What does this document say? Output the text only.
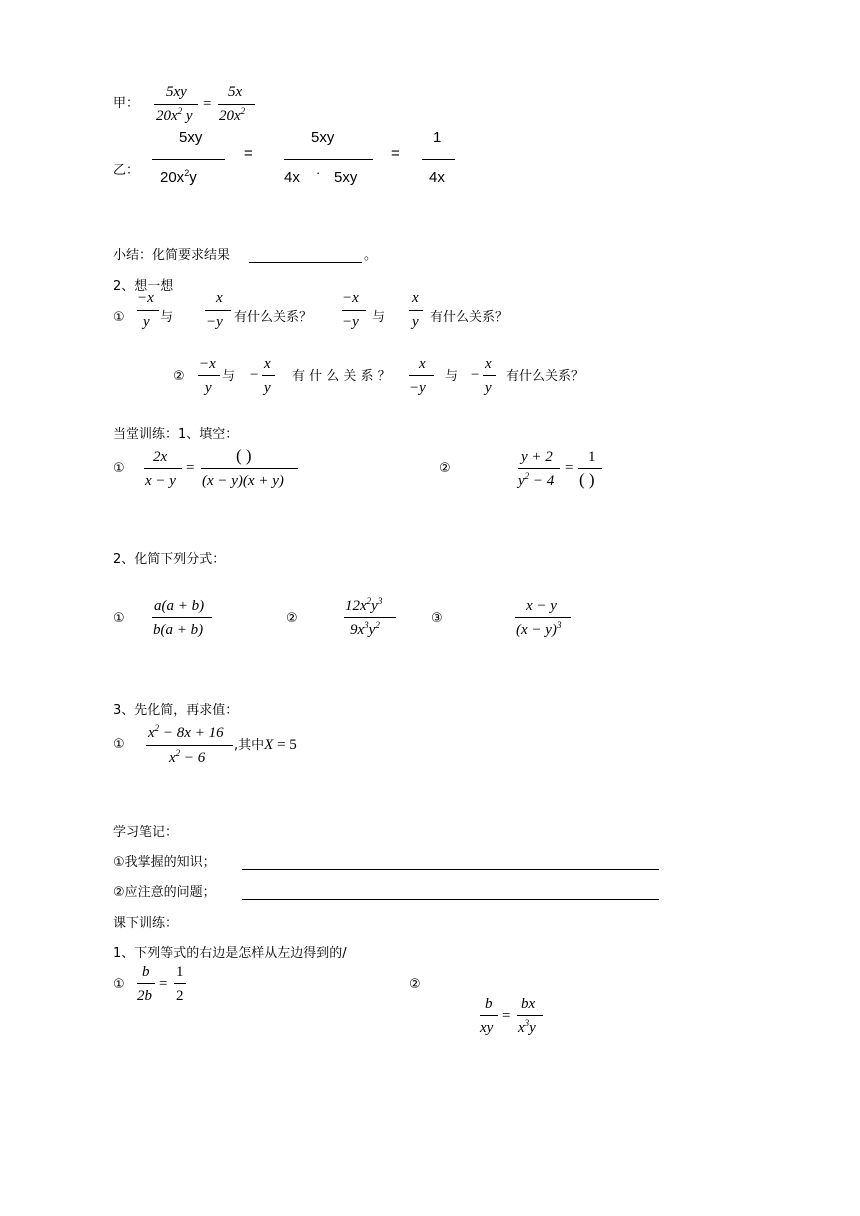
甲：
5xy
$20x^2$ y
=
5x
$20x^2$
乙：
5xy
$20x^2y$
=
5xy
4x · 5xy
=
1
4x
小结：化简要求结果	。
2、想一想
①
−x
y 与
x
−y 有什么关系？
−x
−y 与
x
y 有什么关系？
②
−x
y
与 −
x
y
有 什 么 关 系 ？
x
−y
与 −
x
y
有什么关系？
当堂训练：1、填空：
①
2x
x − y
=
( )
(x − y)(x + y)
②
y + 2
$y^2 - 4$
=
1
( )
2、化简下列分式：
①
a(a + b)
b(a + b)
②
$12x^2y^3$
$9x^3y^2$	③
x − y
$(x - y)^3$
3、先化简，再求值：
①
$x^2 - 8x + 16$
$x^2 - 6$
,其中X = 5
学习笔记：
①我掌握的知识；
②应注意的问题；
课下训练：
1、下列等式的右边是怎样从左边得到的/
①
b
2b
=
1
2
②
b
xy
=
bx
$x^3y$
